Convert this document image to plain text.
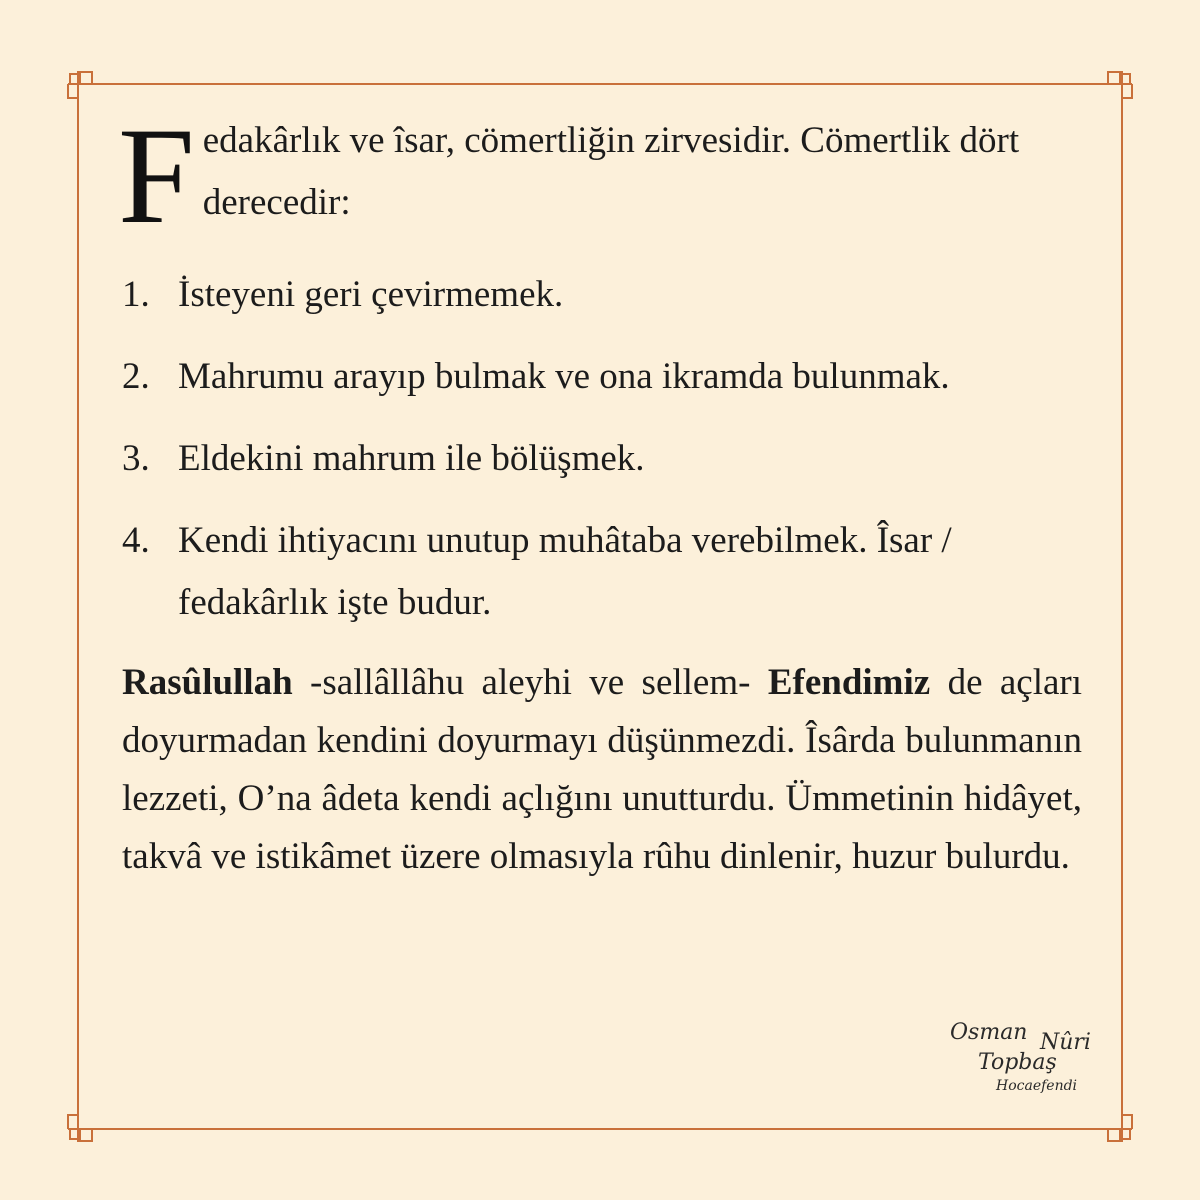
F edakârlık ve îsar, cömertliğin zirvesidir. Cömertlik dört derecedir:

1. İsteyeni geri çevirmemek.
2. Mahrumu arayıp bulmak ve ona ikramda bulunmak.
3. Eldekini mahrum ile bölüşmek.
4. Kendi ihtiyacını unutup muhâtaba verebilmek. Îsar / fedakârlık işte budur.

Rasûlullah -sallâllâhu aleyhi ve sellem- Efendimiz de açları doyurmadan kendini doyurmayı düşünmezdi. Îsârda bulunmanın lezzeti, O’na âdeta kendi açlığını unutturdu. Ümmetinin hidâyet, takvâ ve istikâmet üzere olmasıyla rûhu dinlenir, huzur bulurdu.

Osman Nûri
Topbaş
Hocaefendi
